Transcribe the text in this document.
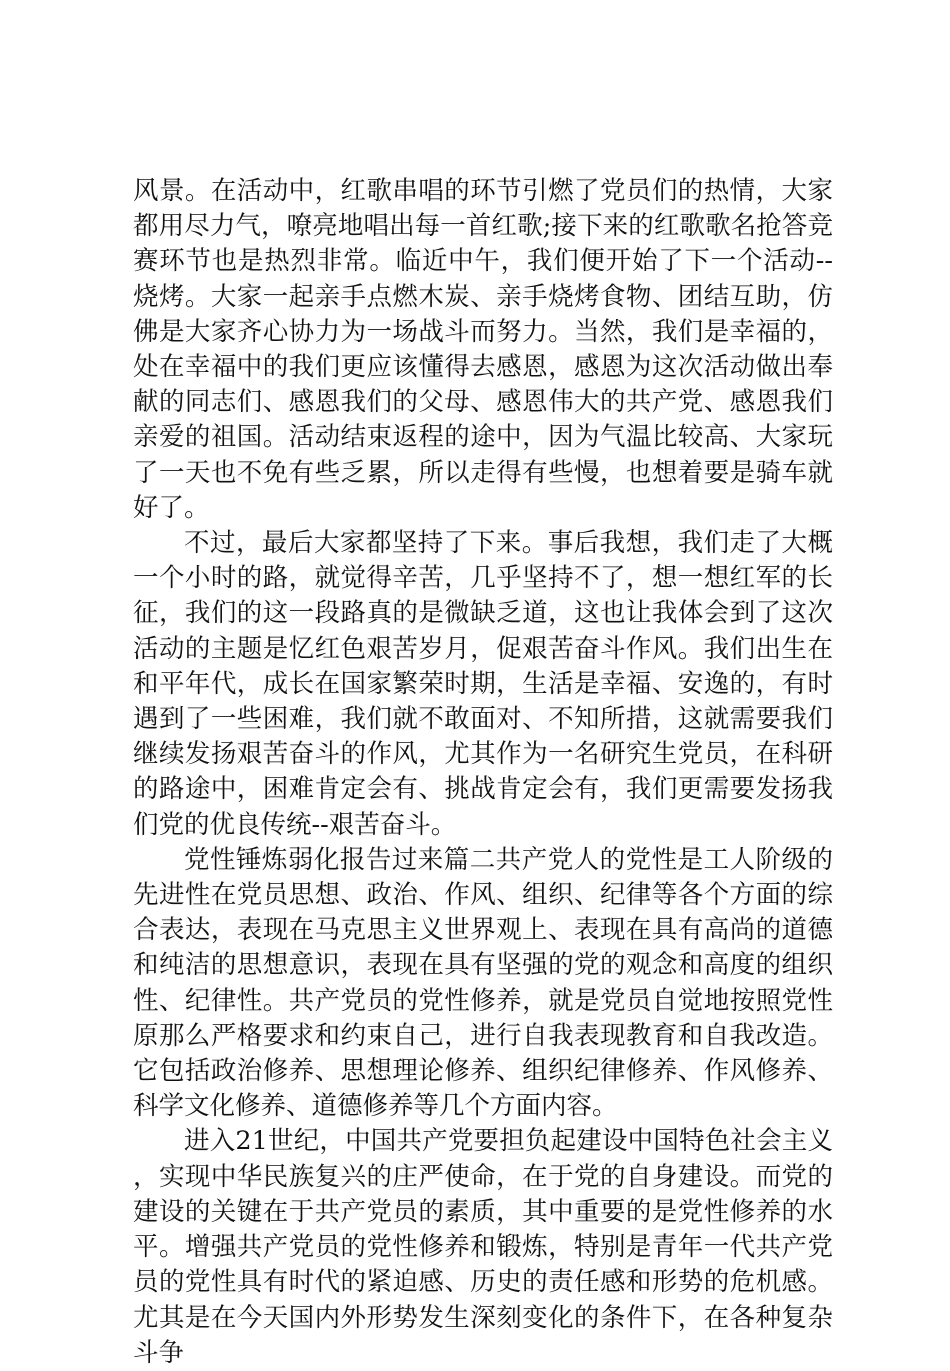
风景。在活动中，红歌串唱的环节引燃了党员们的热情，大家都用尽力气，嘹亮地唱出每一首红歌;接下来的红歌歌名抢答竞赛环节也是热烈非常。临近中午，我们便开始了下一个活动--烧烤。大家一起亲手点燃木炭、亲手烧烤食物、团结互助，仿佛是大家齐心协力为一场战斗而努力。当然，我们是幸福的，处在幸福中的我们更应该懂得去感恩，感恩为这次活动做出奉献的同志们、感恩我们的父母、感恩伟大的共产党、感恩我们亲爱的祖国。活动结束返程的途中，因为气温比较高、大家玩了一天也不免有些乏累，所以走得有些慢，也想着要是骑车就好了。

不过，最后大家都坚持了下来。事后我想，我们走了大概一个小时的路，就觉得辛苦，几乎坚持不了，想一想红军的长征，我们的这一段路真的是微缺乏道，这也让我体会到了这次活动的主题是忆红色艰苦岁月，促艰苦奋斗作风。我们出生在和平年代，成长在国家繁荣时期，生活是幸福、安逸的，有时遇到了一些困难，我们就不敢面对、不知所措，这就需要我们继续发扬艰苦奋斗的作风，尤其作为一名研究生党员，在科研的路途中，困难肯定会有、挑战肯定会有，我们更需要发扬我们党的优良传统--艰苦奋斗。

党性锤炼弱化报告过来篇二共产党人的党性是工人阶级的先进性在党员思想、政治、作风、组织、纪律等各个方面的综合表达，表现在马克思主义世界观上、表现在具有高尚的道德和纯洁的思想意识，表现在具有坚强的党的观念和高度的组织性、纪律性。共产党员的党性修养，就是党员自觉地按照党性原那么严格要求和约束自己，进行自我表现教育和自我改造。它包括政治修养、思想理论修养、组织纪律修养、作风修养、科学文化修养、道德修养等几个方面内容。

进入21世纪，中国共产党要担负起建设中国特色社会主义，实现中华民族复兴的庄严使命，在于党的自身建设。而党的建设的关键在于共产党员的素质，其中重要的是党性修养的水平。增强共产党员的党性修养和锻炼，特别是青年一代共产党员的党性具有时代的紧迫感、历史的责任感和形势的危机感。尤其是在今天国内外形势发生深刻变化的条件下，在各种复杂斗争
